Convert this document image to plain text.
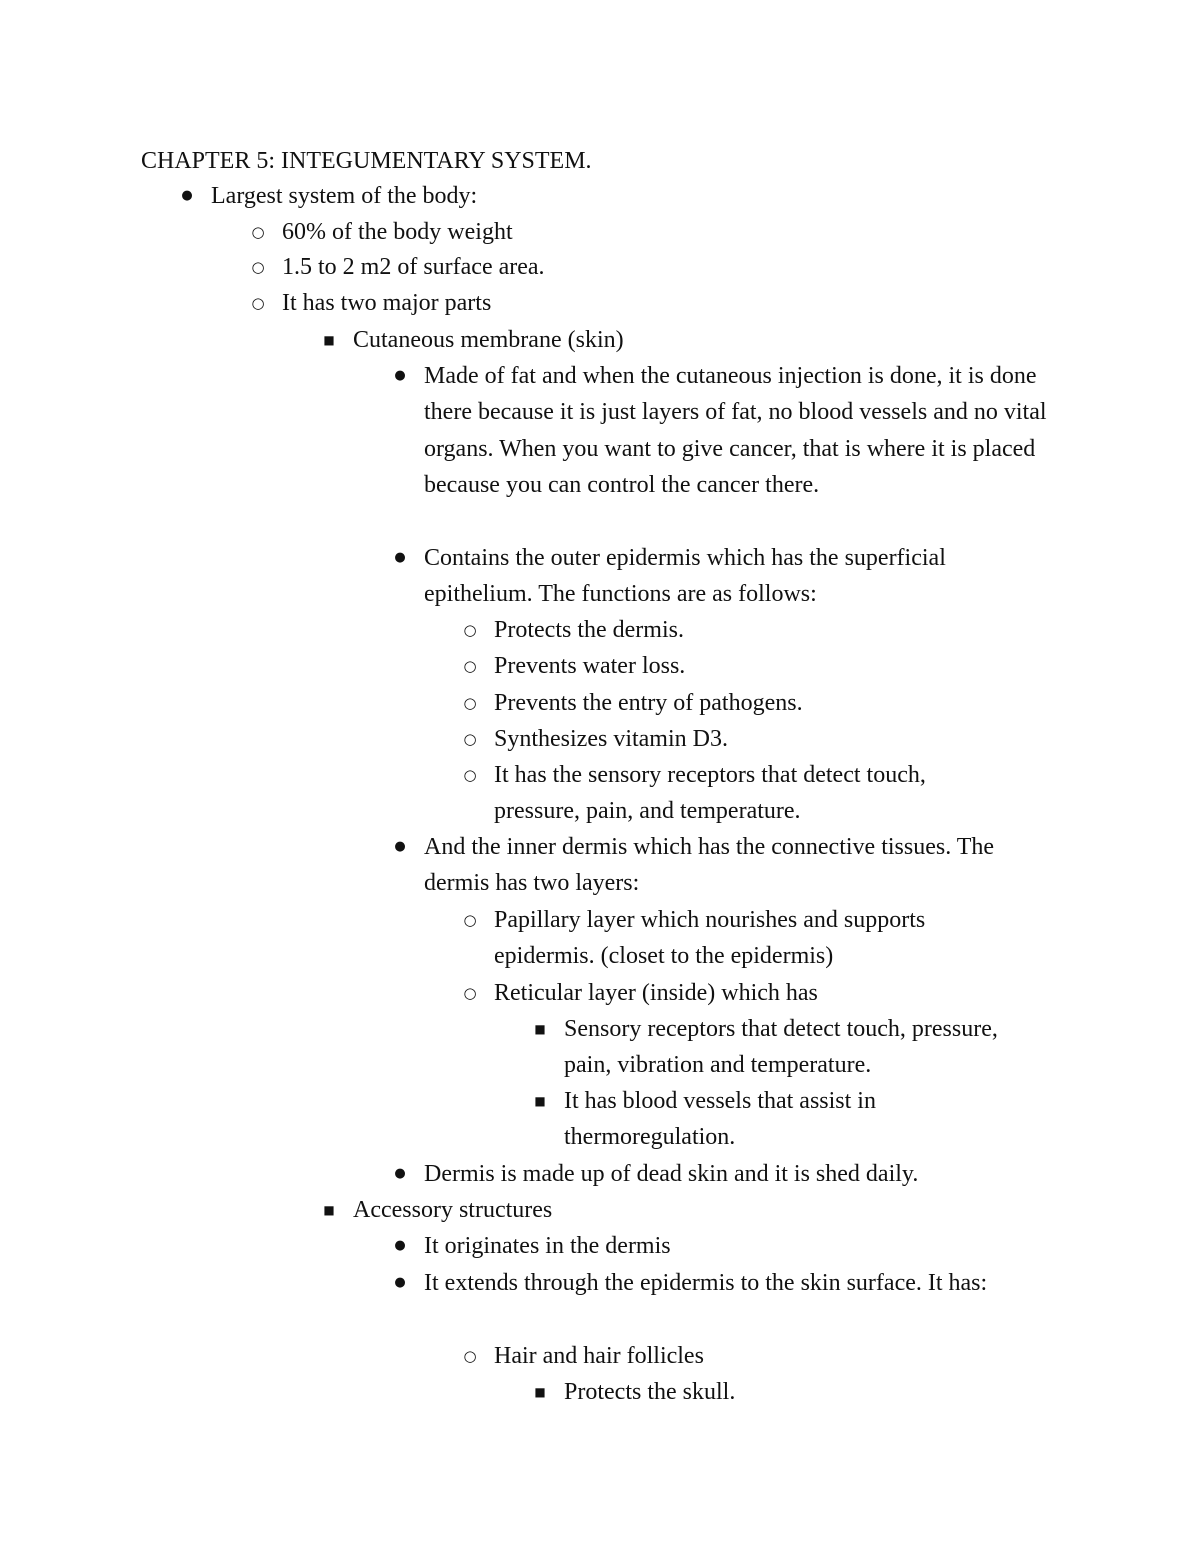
CHAPTER 5: INTEGUMENTARY SYSTEM.
● Largest system of the body:
○ 60% of the body weight
○ 1.5 to 2 m2 of surface area.
○ It has two major parts
■ Cutaneous membrane (skin)
● Made of fat and when the cutaneous injection is done, it is done there because it is just layers of fat, no blood vessels and no vital organs. When you want to give cancer, that is where it is placed because you can control the cancer there.
● Contains the outer epidermis which has the superficial epithelium. The functions are as follows:
○ Protects the dermis.
○ Prevents water loss.
○ Prevents the entry of pathogens.
○ Synthesizes vitamin D3.
○ It has the sensory receptors that detect touch, pressure, pain, and temperature.
● And the inner dermis which has the connective tissues. The dermis has two layers:
○ Papillary layer which nourishes and supports epidermis. (closet to the epidermis)
○ Reticular layer (inside) which has
■ Sensory receptors that detect touch, pressure, pain, vibration and temperature.
■ It has blood vessels that assist in thermoregulation.
● Dermis is made up of dead skin and it is shed daily.
■ Accessory structures
● It originates in the dermis
● It extends through the epidermis to the skin surface. It has:
○ Hair and hair follicles
■ Protects the skull.
